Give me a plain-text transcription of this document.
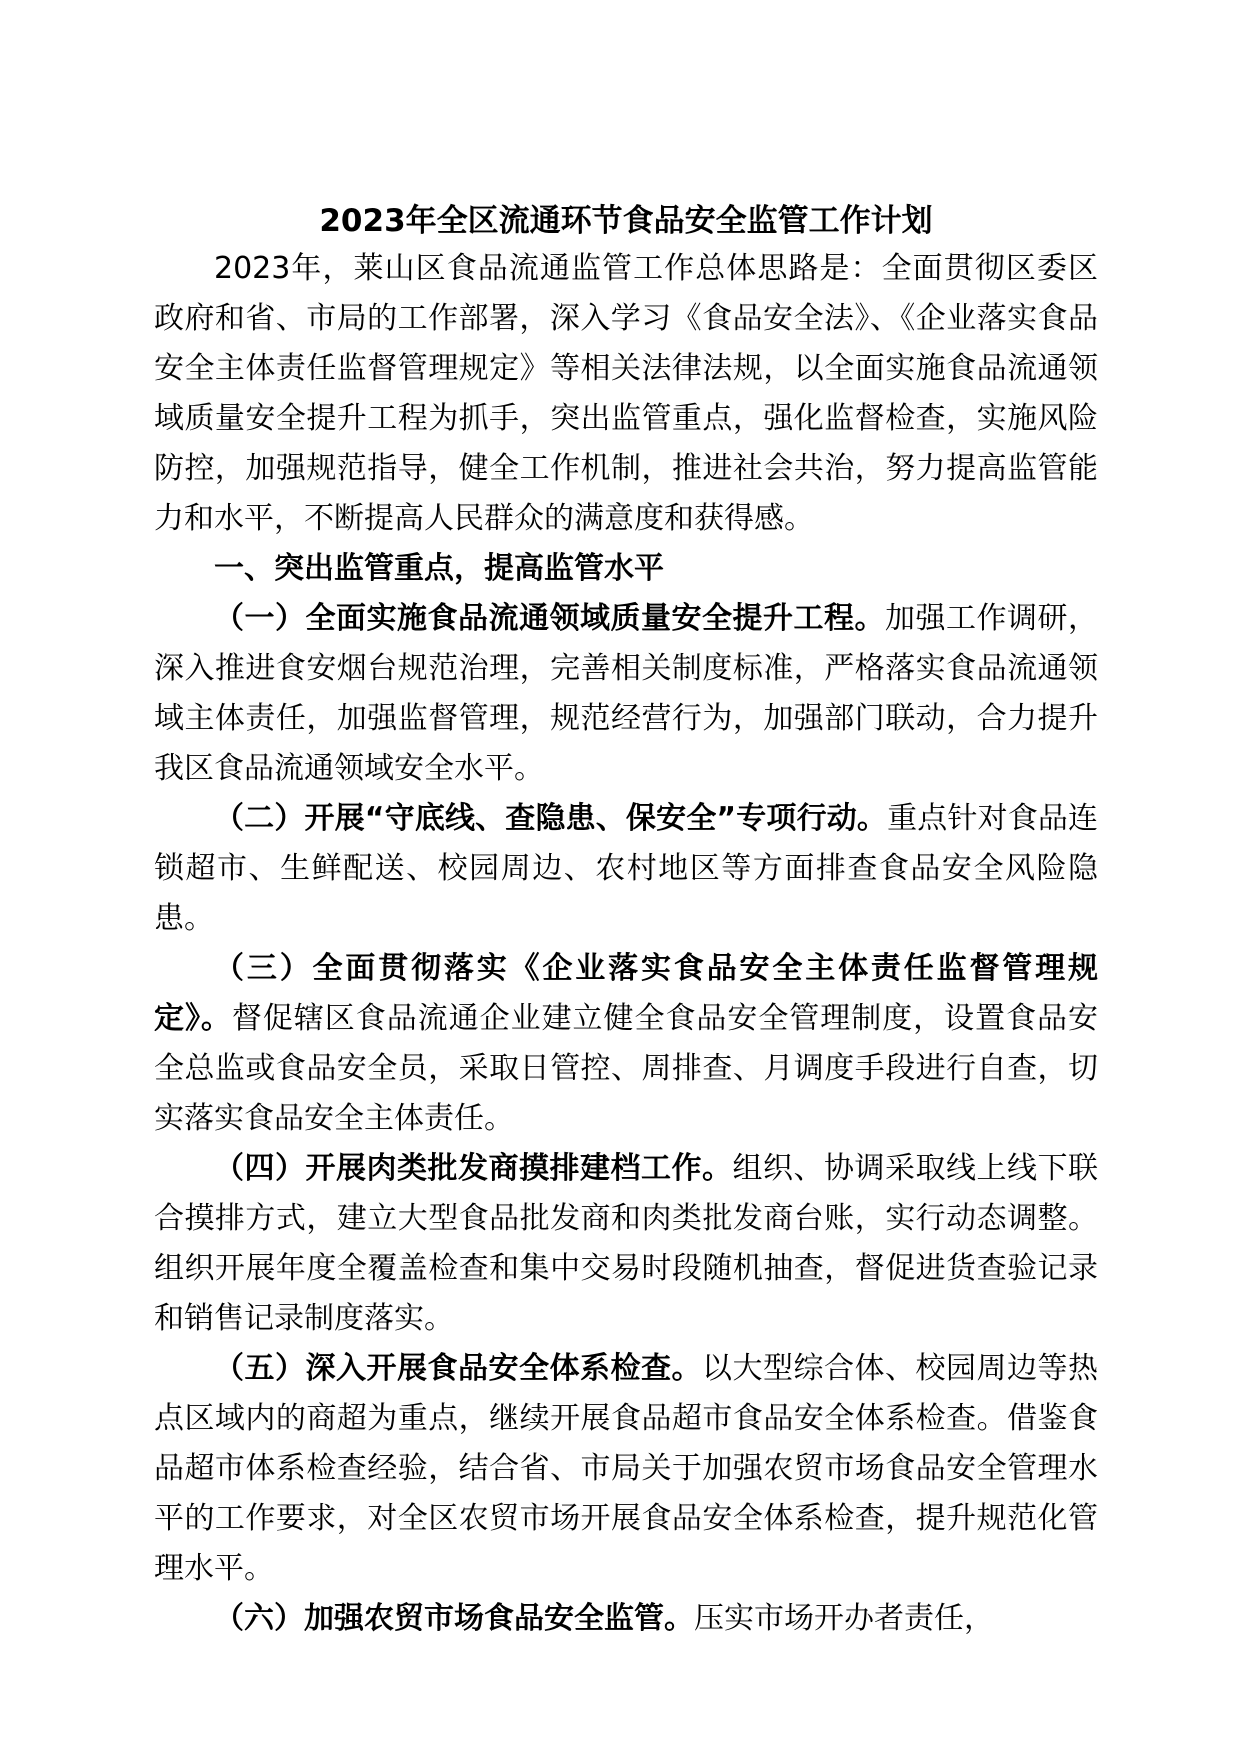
2023年全区流通环节食品安全监管工作计划

2023年，莱山区食品流通监管工作总体思路是：全面贯彻区委区政府和省、市局的工作部署，深入学习《食品安全法》、《企业落实食品安全主体责任监督管理规定》等相关法律法规，以全面实施食品流通领域质量安全提升工程为抓手，突出监管重点，强化监督检查，实施风险防控，加强规范指导，健全工作机制，推进社会共治，努力提高监管能力和水平，不断提高人民群众的满意度和获得感。

一、突出监管重点，提高监管水平

（一）全面实施食品流通领域质量安全提升工程。加强工作调研，深入推进食安烟台规范治理，完善相关制度标准，严格落实食品流通领域主体责任，加强监督管理，规范经营行为，加强部门联动，合力提升我区食品流通领域安全水平。

（二）开展“守底线、查隐患、保安全”专项行动。重点针对食品连锁超市、生鲜配送、校园周边、农村地区等方面排查食品安全风险隐患。

（三）全面贯彻落实《企业落实食品安全主体责任监督管理规定》。督促辖区食品流通企业建立健全食品安全管理制度，设置食品安全总监或食品安全员，采取日管控、周排查、月调度手段进行自查，切实落实食品安全主体责任。

（四）开展肉类批发商摸排建档工作。组织、协调采取线上线下联合摸排方式，建立大型食品批发商和肉类批发商台账，实行动态调整。组织开展年度全覆盖检查和集中交易时段随机抽查，督促进货查验记录和销售记录制度落实。

（五）深入开展食品安全体系检查。以大型综合体、校园周边等热点区域内的商超为重点，继续开展食品超市食品安全体系检查。借鉴食品超市体系检查经验，结合省、市局关于加强农贸市场食品安全管理水平的工作要求，对全区农贸市场开展食品安全体系检查，提升规范化管理水平。

（六）加强农贸市场食品安全监管。压实市场开办者责任，
